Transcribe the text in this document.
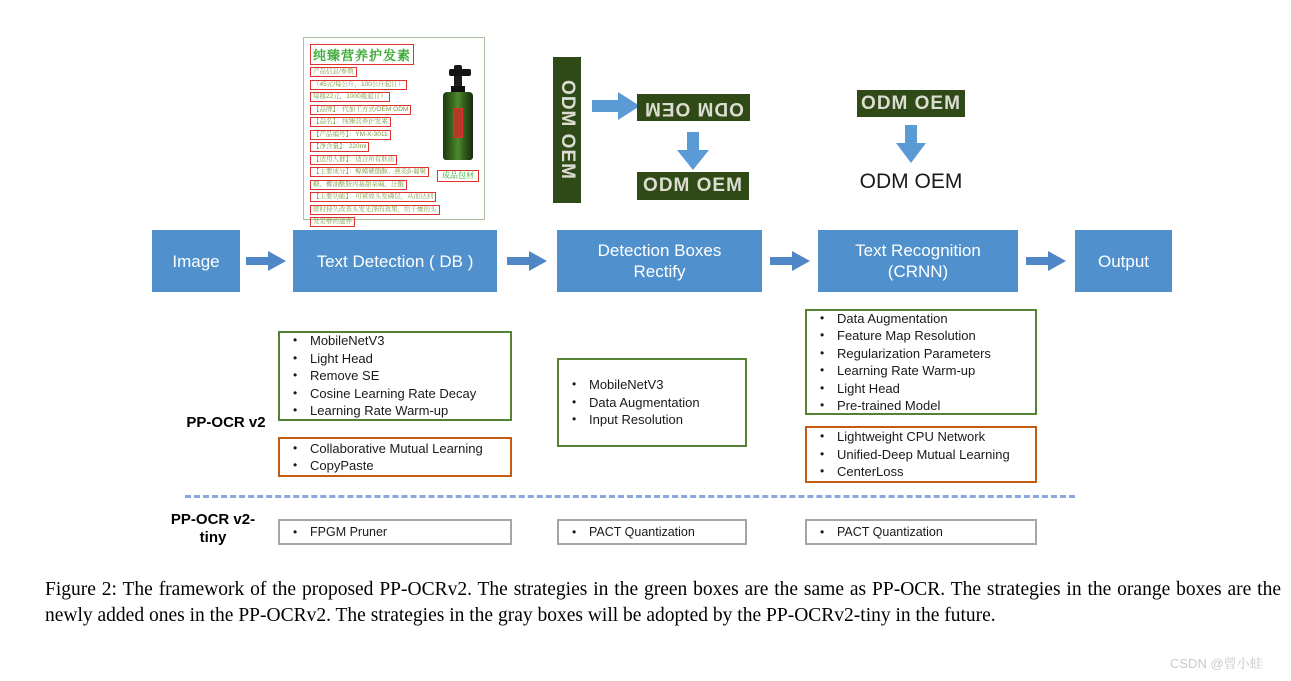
纯臻营养护发素
产品信息/参数
（45元/每公斤，100公斤起订）
每瓶22元，1000瓶起订）
【品牌】：代加工方式/OEM ODM
【品名】：纯臻营养护发素
【产品编号】：YM-X-3011
【净含量】：220ml
【适用人群】：适合所有肤质
【主要成分】：鲸蜡硬脂醇、燕麦β-葡聚
糖、椰油酰胺丙基甜菜碱、泛醌
【主要功能】：可紧致头发磷层，从而达到
即时持久改善头发光泽的效果，给干燥的头
发足够的滋养
成品包材	ODM OEM	ODM OEM
ODM OEM
ODM OEM
ODM OEM
Image	Text Detection ( DB )
Detection Boxes
Rectify
Text Recognition
(CRNN)
Output
PP-OCR v2
• MobileNetV3
• Light Head
• Remove SE
• Cosine Learning Rate Decay
• Learning Rate Warm-up
• Collaborative Mutual Learning
• CopyPaste
• MobileNetV3
• Data Augmentation
• Input Resolution
• Data Augmentation
• Feature Map Resolution
• Regularization Parameters
• Learning Rate Warm-up
• Light Head
• Pre-trained Model
• Lightweight CPU Network
• Unified-Deep Mutual Learning
• CenterLoss
PP-OCR v2-
tiny	• FPGM Pruner	• PACT Quantization	• PACT Quantization
Figure 2: The framework of the proposed PP-OCRv2. The strategies in the green boxes are the same as PP-OCR. The strategies in the orange boxes are the newly added ones in the PP-OCRv2. The strategies in the gray boxes will be adopted by the PP-OCRv2-tiny in the future.
CSDN @曾小蛙
